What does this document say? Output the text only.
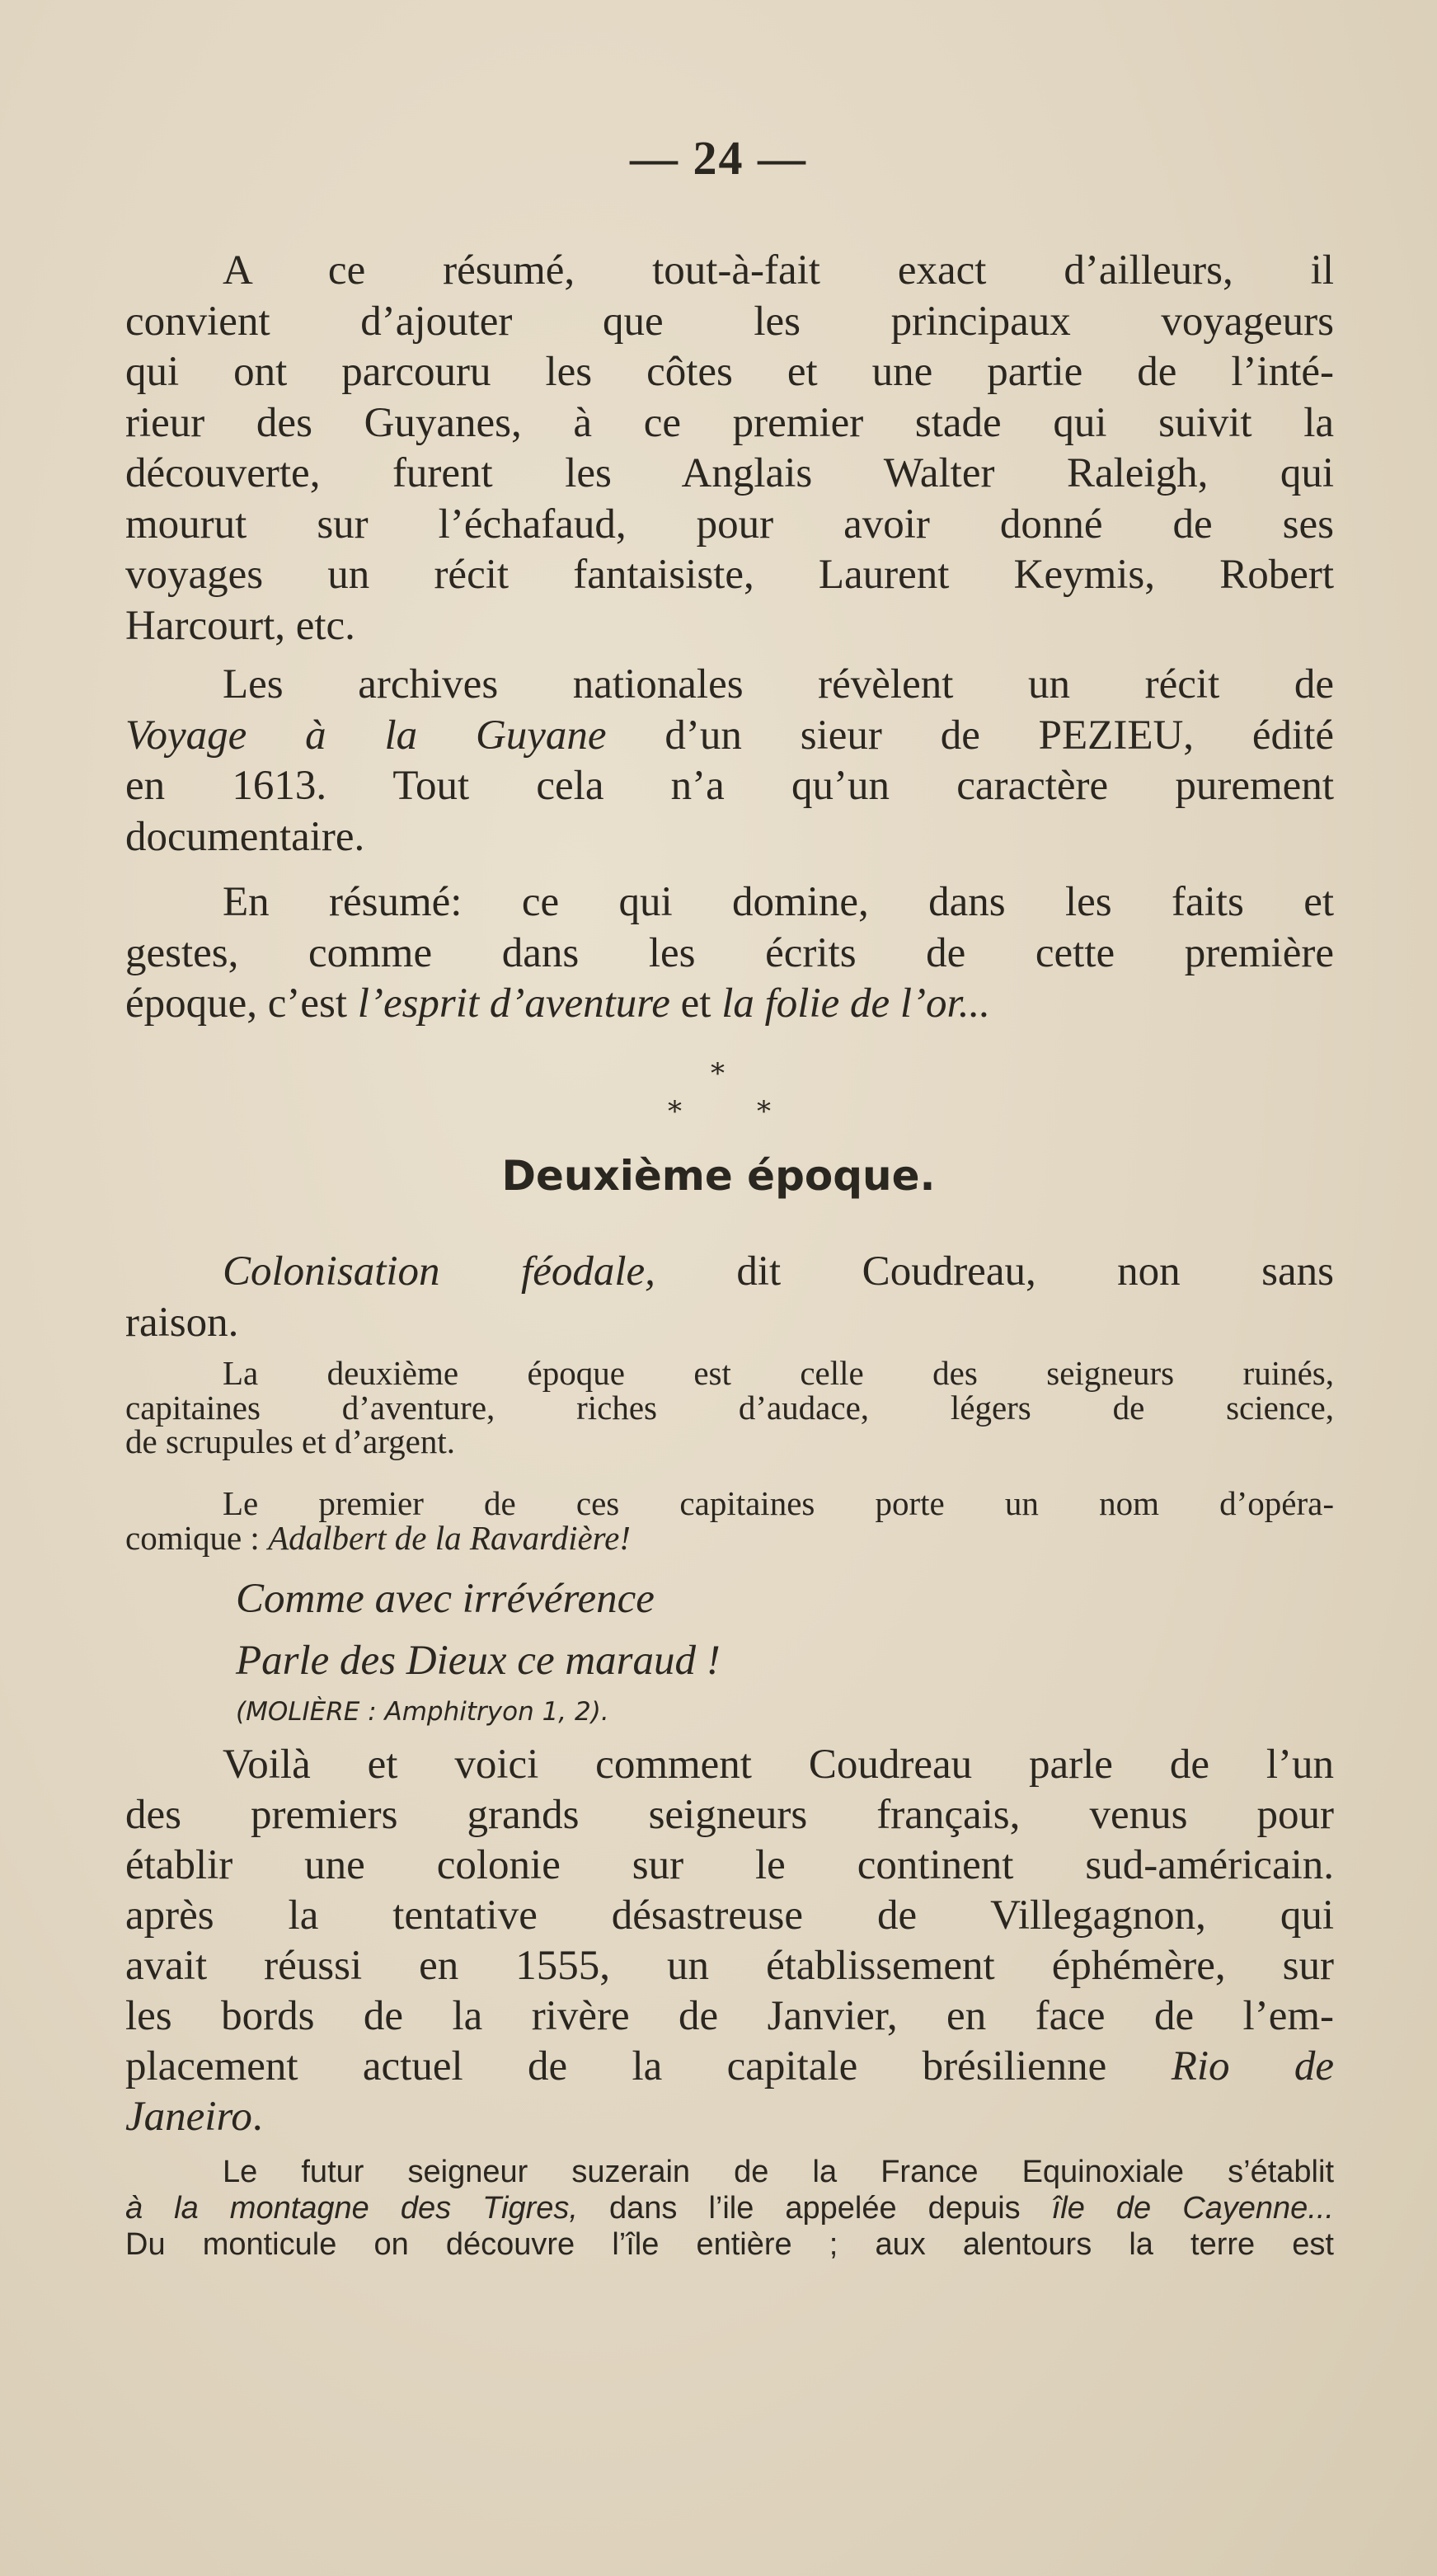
— 24 —
A ce résumé, tout-à-fait exact d’ailleurs, il
convient d’ajouter que les principaux voyageurs
qui ont parcouru les côtes et une partie de l’inté-
rieur des Guyanes, à ce premier stade qui suivit la
découverte, furent les Anglais Walter Raleigh, qui
mourut sur l’échafaud, pour avoir donné de ses
voyages un récit fantaisiste, Laurent Keymis, Robert
Harcourt, etc.
Les archives nationales révèlent un récit de
Voyage à la Guyane d’un sieur de PEZIEU, édité
en 1613. Tout cela n’a qu’un caractère purement
documentaire.
En résumé: ce qui domine, dans les faits et
gestes, comme dans les écrits de cette première
époque, c’est l’esprit d’aventure et la folie de l’or...
*
*	*
Deuxième époque.
Colonisation féodale, dit Coudreau, non sans
raison.
La deuxième époque est celle des seigneurs ruinés,
capitaines d’aventure, riches d’audace, légers de science,
de scrupules et d’argent.
Le premier de ces capitaines porte un nom d’opéra-
comique : Adalbert de la Ravardière!
Comme avec irrévérence
Parle des Dieux ce maraud !
(MOLIÈRE : Amphitryon 1, 2).
Voilà et voici comment Coudreau parle de l’un
des premiers grands seigneurs français, venus pour
établir une colonie sur le continent sud-américain.
après la tentative désastreuse de Villegagnon, qui
avait réussi en 1555, un établissement éphémère, sur
les bords de la rivère de Janvier, en face de l’em-
placement actuel de la capitale brésilienne Rio de
Janeiro.
Le futur seigneur suzerain de la France Equinoxiale s’établit
à la montagne des Tigres, dans l’ile appelée depuis île de Cayenne...
Du monticule on découvre l’île entière ; aux alentours la terre est
